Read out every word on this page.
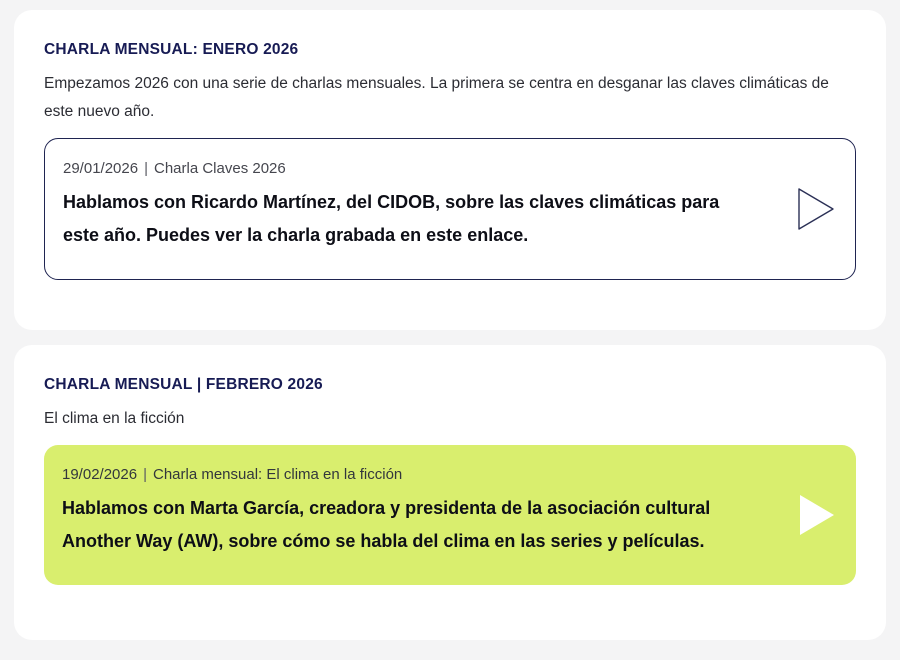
CHARLA MENSUAL: ENERO 2026

Empezamos 2026 con una serie de charlas mensuales. La primera se centra en desganar las claves climáticas de este nuevo año.

29/01/2026 | Charla Claves 2026

Hablamos con Ricardo Martínez, del CIDOB, sobre las claves climáticas para este año. Puedes ver la charla grabada en este enlace.

CHARLA MENSUAL | FEBRERO 2026

El clima en la ficción

19/02/2026 | Charla mensual: El clima en la ficción

Hablamos con Marta García, creadora y presidenta de la asociación cultural Another Way (AW), sobre cómo se habla del clima en las series y películas.
